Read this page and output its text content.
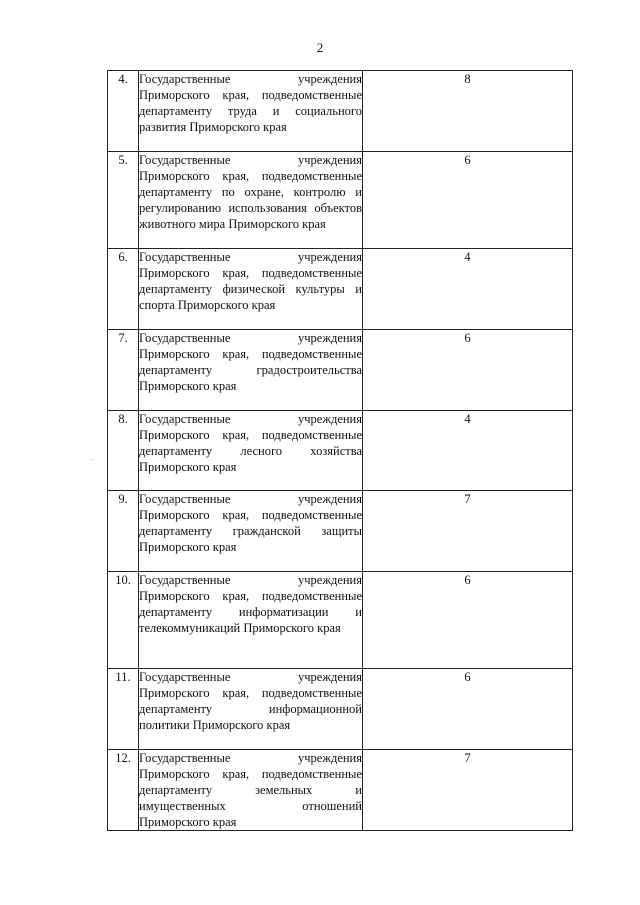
2
4.	Государственные учреждения Приморского края, подведомственные департаменту труда и социального развития Приморского края	8
5.	Государственные учреждения Приморского края, подведомственные департаменту по охране, контролю и регулированию использования объектов животного мира Приморского края	6
6.	Государственные учреждения Приморского края, подведомственные департаменту физической культуры и спорта Приморского края	4
7.	Государственные учреждения Приморского края, подведомственные департаменту градостроительства Приморского края	6
8.	Государственные учреждения Приморского края, подведомственные департаменту лесного хозяйства Приморского края	4
9.	Государственные учреждения Приморского края, подведомственные департаменту гражданской защиты Приморского края	7
10.	Государственные учреждения Приморского края, подведомственные департаменту информатизации и телекоммуникаций Приморского края	6
11.	Государственные учреждения Приморского края, подведомственные департаменту информационной политики Приморского края	6
12.	Государственные учреждения Приморского края, подведомственные департаменту земельных и имущественных отношений Приморского края	7
